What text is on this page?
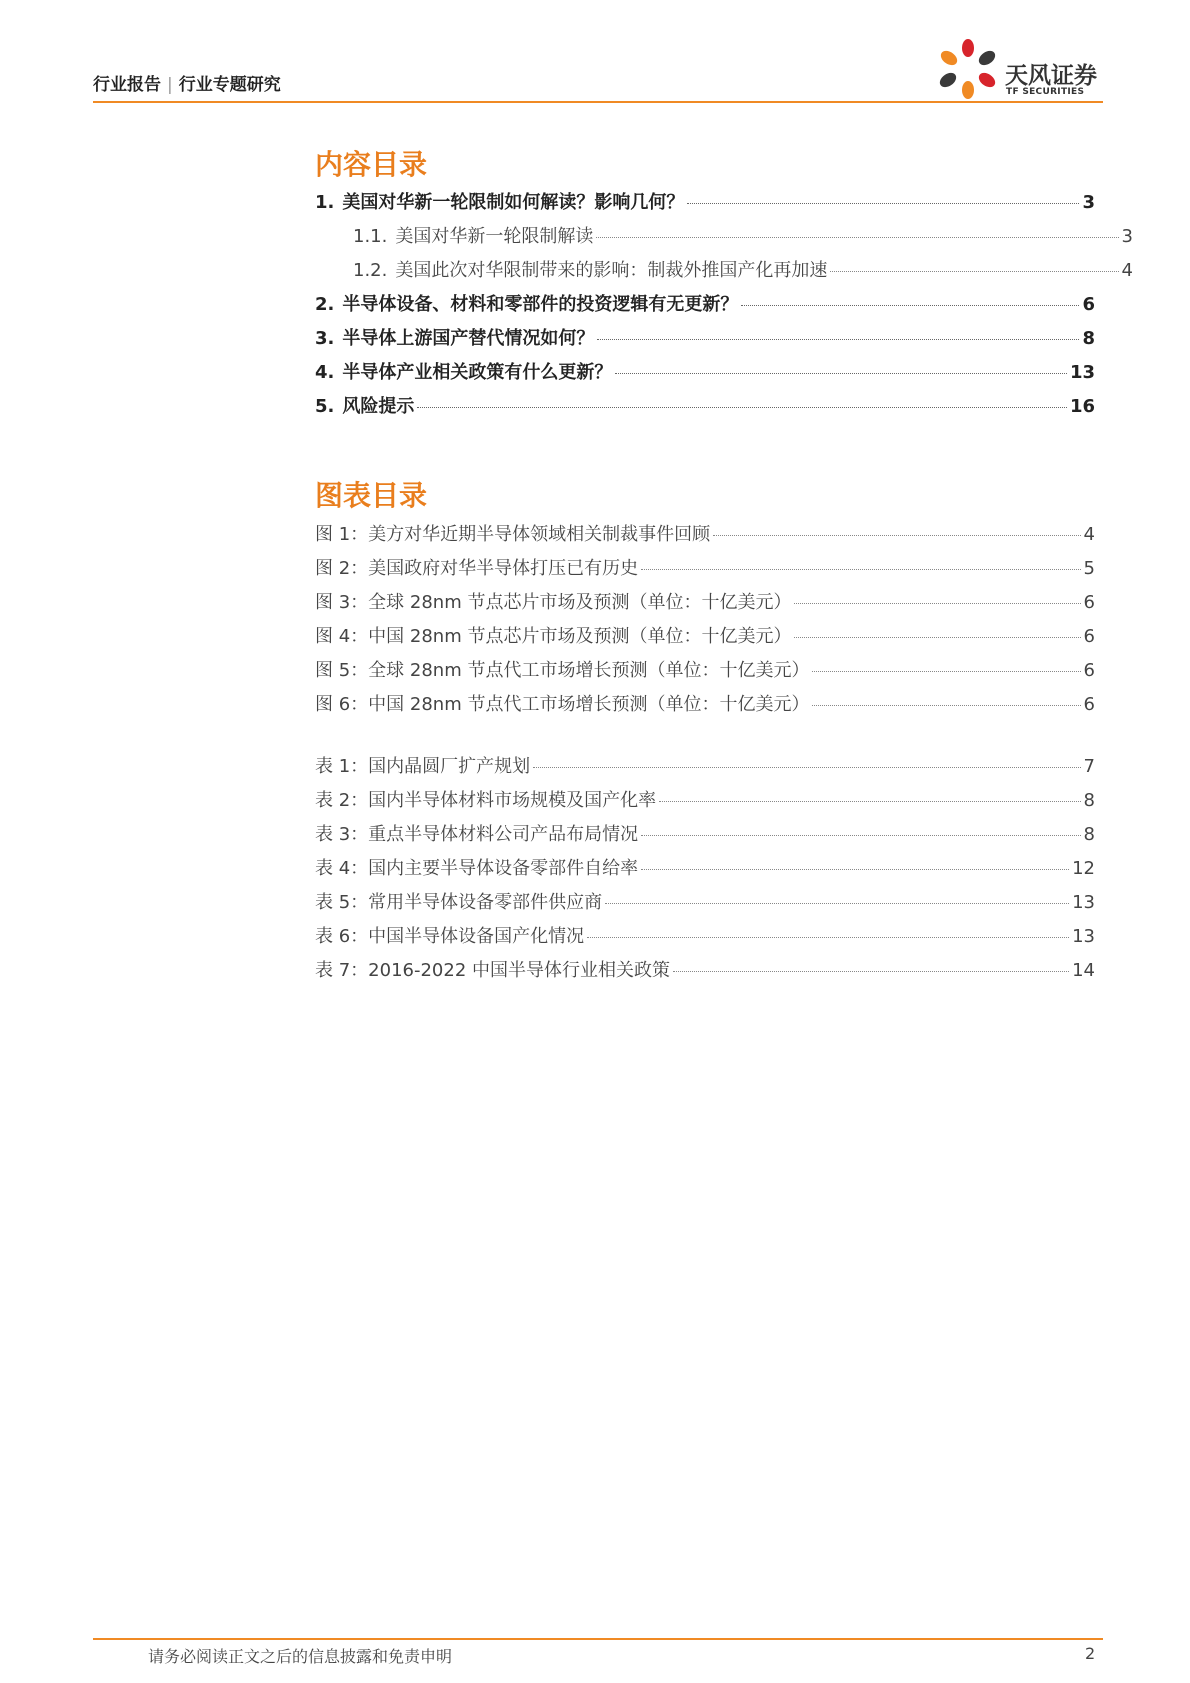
行业报告 | 行业专题研究	天风证券
TF SECURITIES
内容目录
1. 美国对华新一轮限制如何解读？影响几何？	3
1.1. 美国对华新一轮限制解读	3
1.2. 美国此次对华限制带来的影响：制裁外推国产化再加速	4
2. 半导体设备、材料和零部件的投资逻辑有无更新？	6
3. 半导体上游国产替代情况如何？	8
4. 半导体产业相关政策有什么更新？	13
5. 风险提示	16
图表目录
图 1：美方对华近期半导体领域相关制裁事件回顾	4
图 2：美国政府对华半导体打压已有历史	5
图 3：全球 28nm 节点芯片市场及预测（单位：十亿美元）	6
图 4：中国 28nm 节点芯片市场及预测（单位：十亿美元）	6
图 5：全球 28nm 节点代工市场增长预测（单位：十亿美元）	6
图 6：中国 28nm 节点代工市场增长预测（单位：十亿美元）	6
表 1：国内晶圆厂扩产规划	7
表 2：国内半导体材料市场规模及国产化率	8
表 3：重点半导体材料公司产品布局情况	8
表 4：国内主要半导体设备零部件自给率	12
表 5：常用半导体设备零部件供应商	13
表 6：中国半导体设备国产化情况	13
表 7：2016-2022 中国半导体行业相关政策	14
请务必阅读正文之后的信息披露和免责申明	2
